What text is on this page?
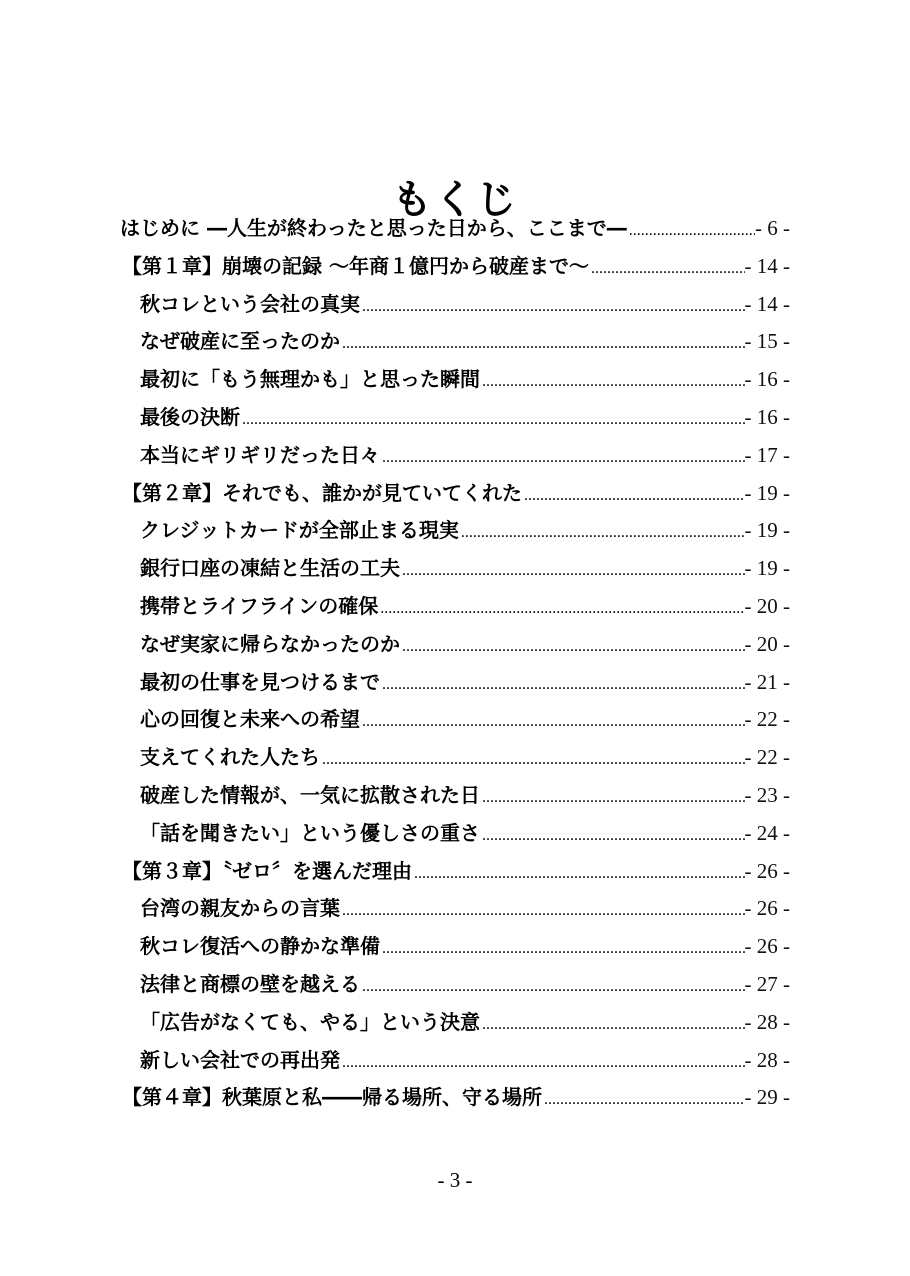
もくじ
はじめに ―人生が終わったと思った日から、ここまで― .....	- 6 -
【第１章】崩壊の記録 〜年商１億円から破産まで〜 .....	- 14 -
秋コレという会社の真実 .....	- 14 -
なぜ破産に至ったのか .....	- 15 -
最初に「もう無理かも」と思った瞬間 .....	- 16 -
最後の決断 .....	- 16 -
本当にギリギリだった日々 .....	- 17 -
【第２章】それでも、誰かが見ていてくれた .....	- 19 -
クレジットカードが全部止まる現実 .....	- 19 -
銀行口座の凍結と生活の工夫 .....	- 19 -
携帯とライフラインの確保 .....	- 20 -
なぜ実家に帰らなかったのか .....	- 20 -
最初の仕事を見つけるまで .....	- 21 -
心の回復と未来への希望 .....	- 22 -
支えてくれた人たち .....	- 22 -
破産した情報が、一気に拡散された日 .....	- 23 -
「話を聞きたい」という優しさの重さ .....	- 24 -
【第３章】〝ゼロ〞を選んだ理由 .....	- 26 -
台湾の親友からの言葉 .....	- 26 -
秋コレ復活への静かな準備 .....	- 26 -
法律と商標の壁を越える .....	- 27 -
「広告がなくても、やる」という決意 .....	- 28 -
新しい会社での再出発 .....	- 28 -
【第４章】秋葉原と私――帰る場所、守る場所 .....	- 29 -
- 3 -
